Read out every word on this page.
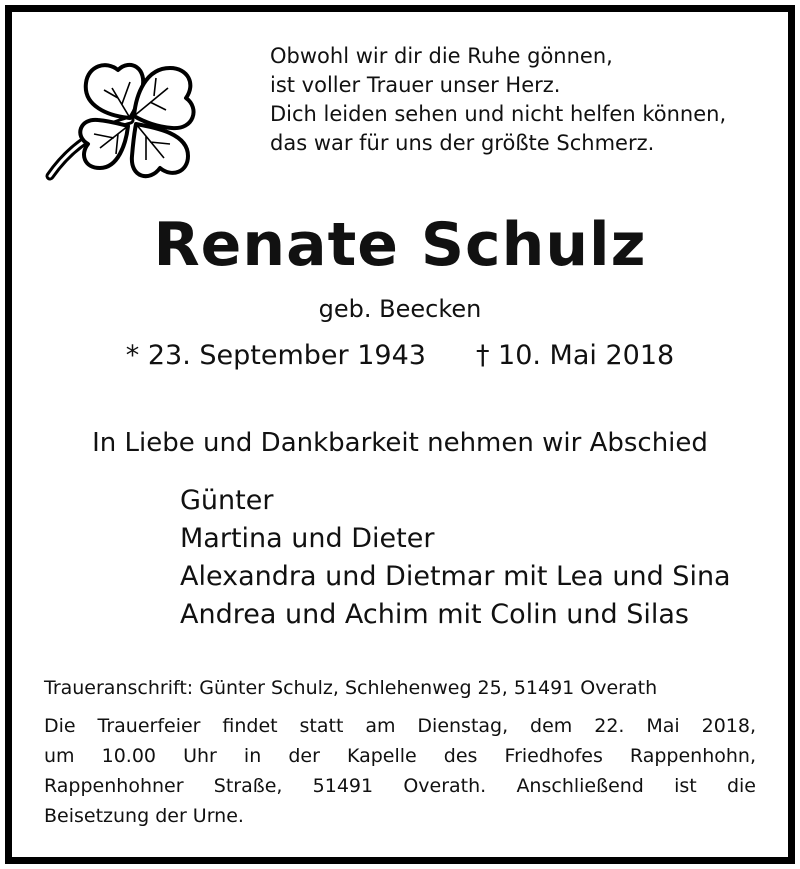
Obwohl wir dir die Ruhe gönnen,
ist voller Trauer unser Herz.
Dich leiden sehen und nicht helfen können,
das war für uns der größte Schmerz.
Renate Schulz
geb. Beecken
* 23. September 1943 † 10. Mai 2018
In Liebe und Dankbarkeit nehmen wir Abschied
Günter
Martina und Dieter
Alexandra und Dietmar mit Lea und Sina
Andrea und Achim mit Colin und Silas
Traueranschrift: Günter Schulz, Schlehenweg 25, 51491 Overath
Die Trauerfeier findet statt am Dienstag, dem 22. Mai 2018,
um 10.00 Uhr in der Kapelle des Friedhofes Rappenhohn,
Rappenhohner Straße, 51491 Overath. Anschließend ist die
Beisetzung der Urne.
